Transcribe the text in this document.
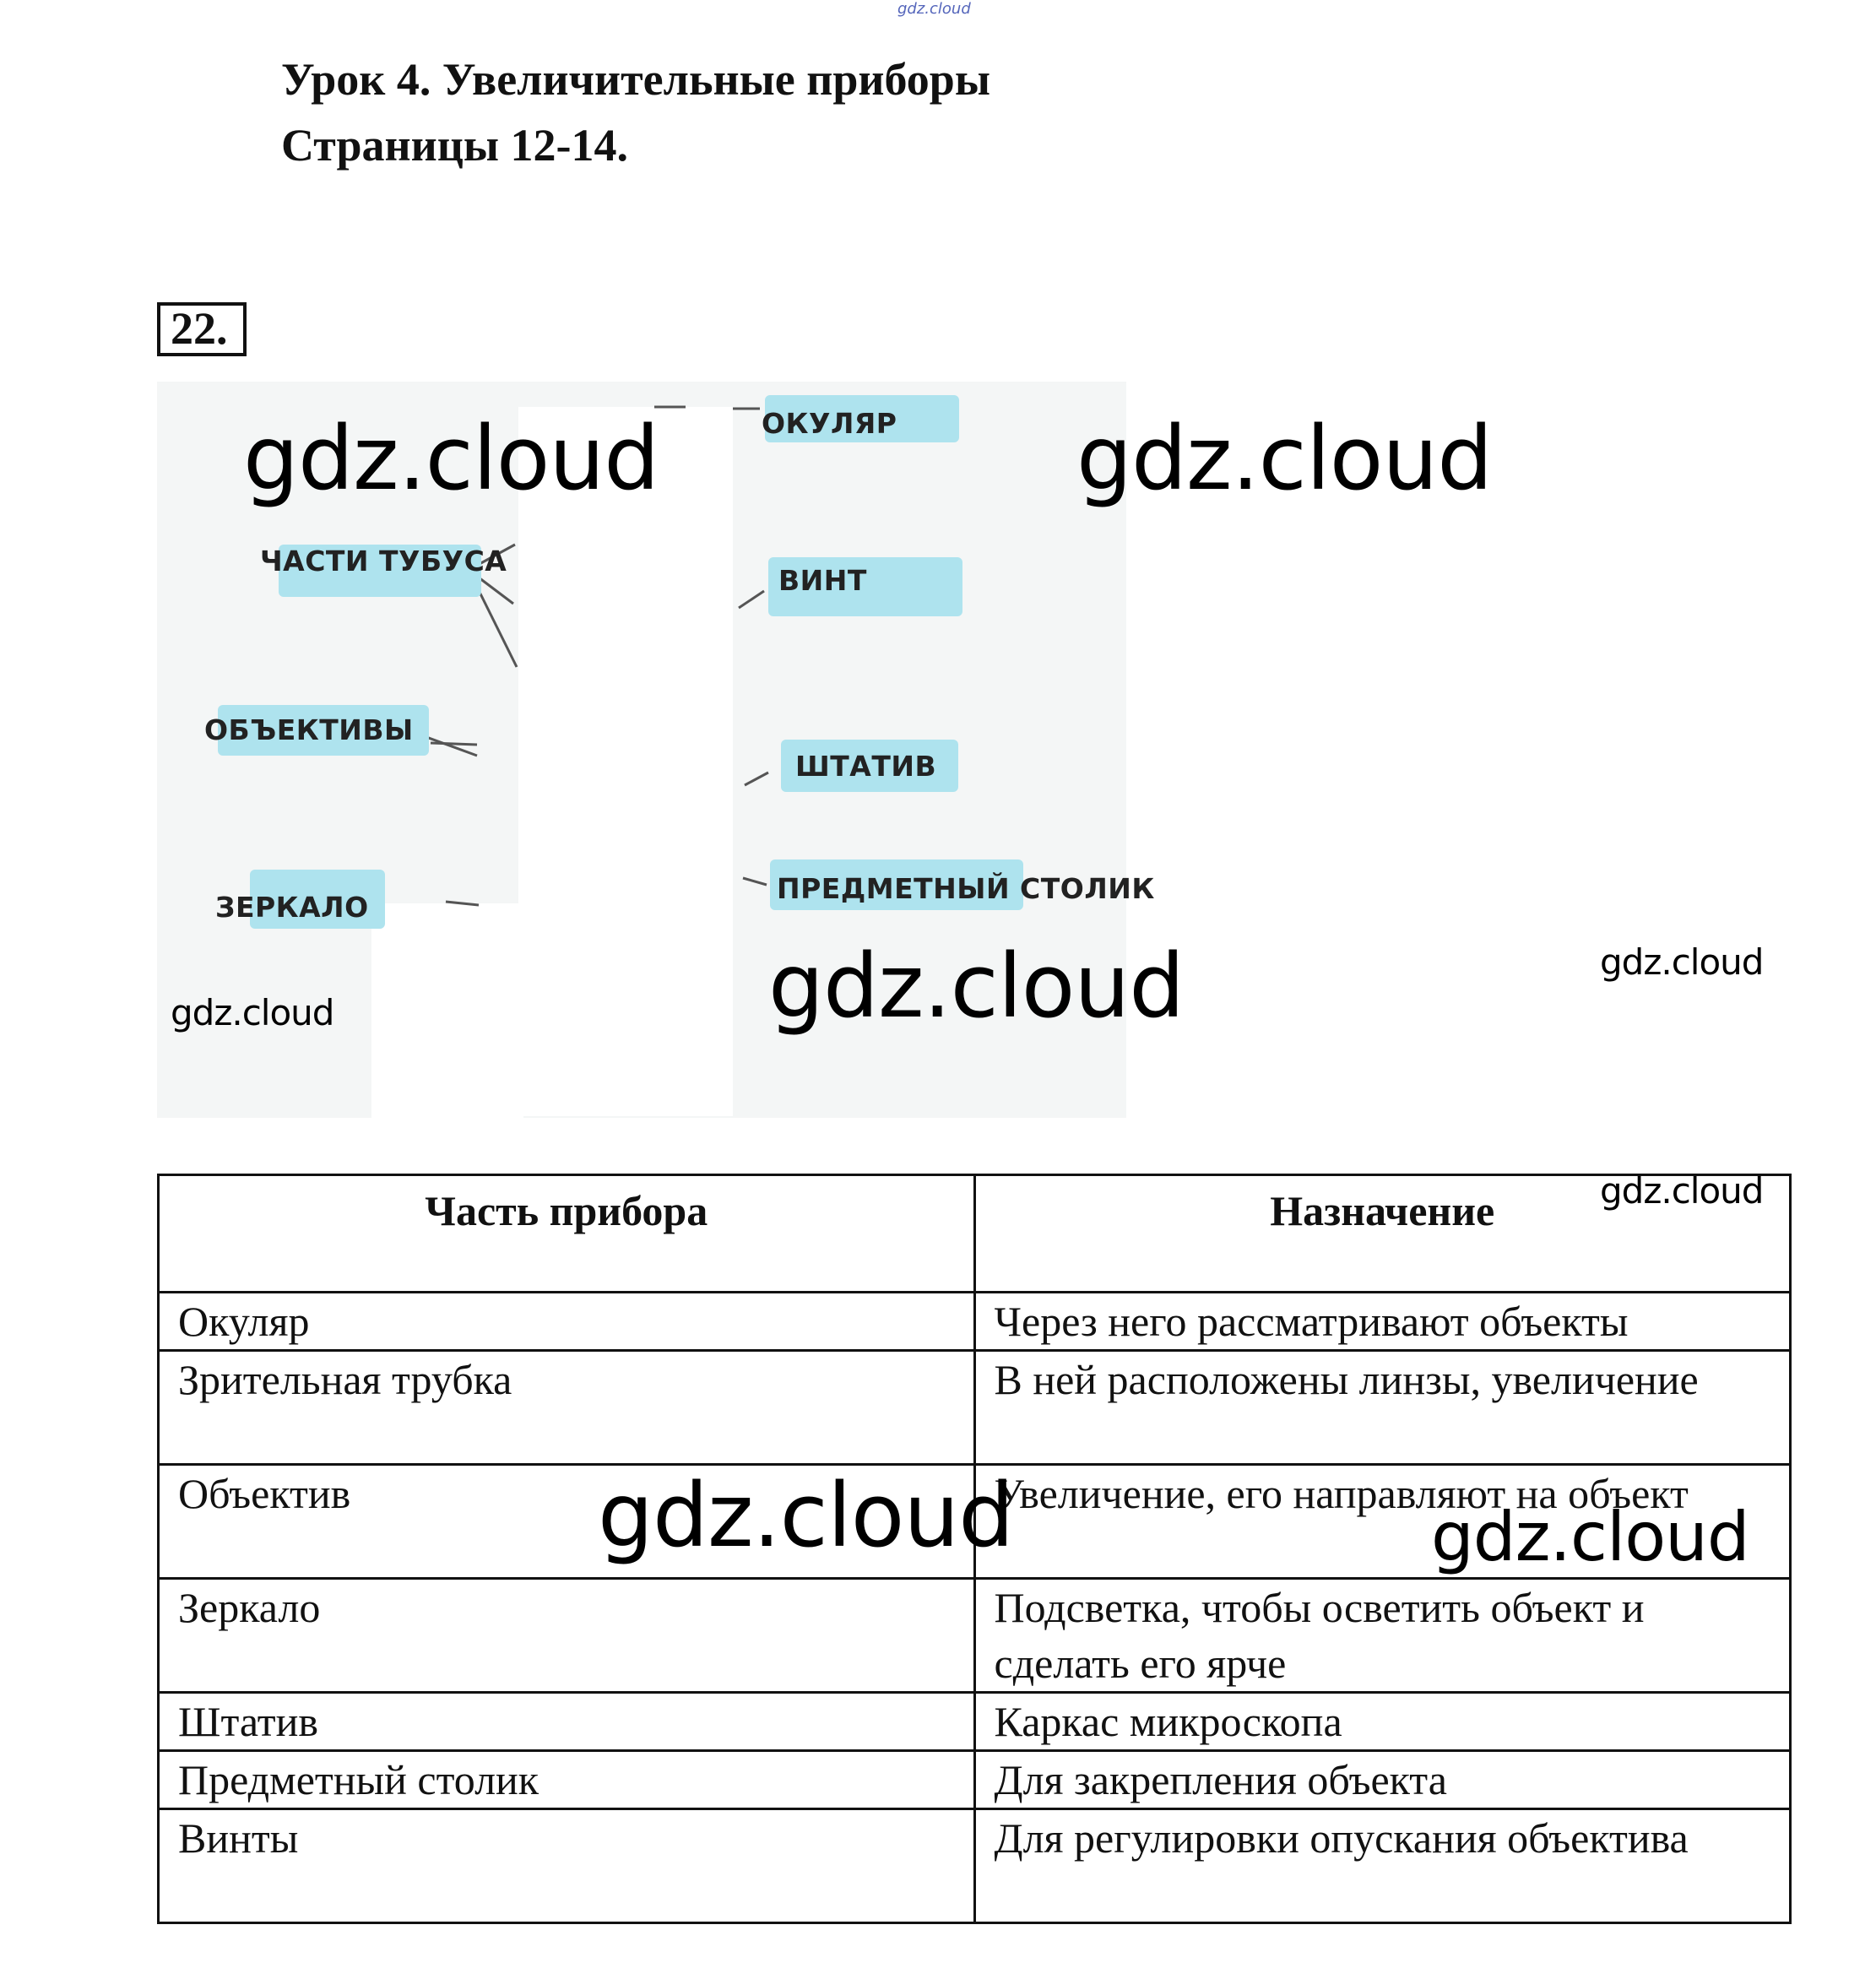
gdz.cloud
Урок 4. Увеличительные приборы
Страницы 12-14.
22.
ОКУЛЯР
ЧАСТИ ТУБУСА
ВИНТ
ОБЪЕКТИВЫ
ШТАТИВ
ЗЕРКАЛО
ПРЕДМЕТНЫЙ СТОЛИК
gdz.cloud	gdz.cloud
gdz.cloud	gdz.cloud
gdz.cloud
Часть прибора	Назначение
Окуляр	Через него рассматривают объекты
Зрительная трубка	В ней расположены линзы, увеличение
Объектив	Увеличение, его направляют на объект
Зеркало	Подсветка, чтобы осветить объект и сделать его ярче
Штатив	Каркас микроскопа
Предметный столик	Для закрепления объекта
Винты	Для регулировки опускания объектива
gdz.cloud
gdz.cloud	gdz.cloud
